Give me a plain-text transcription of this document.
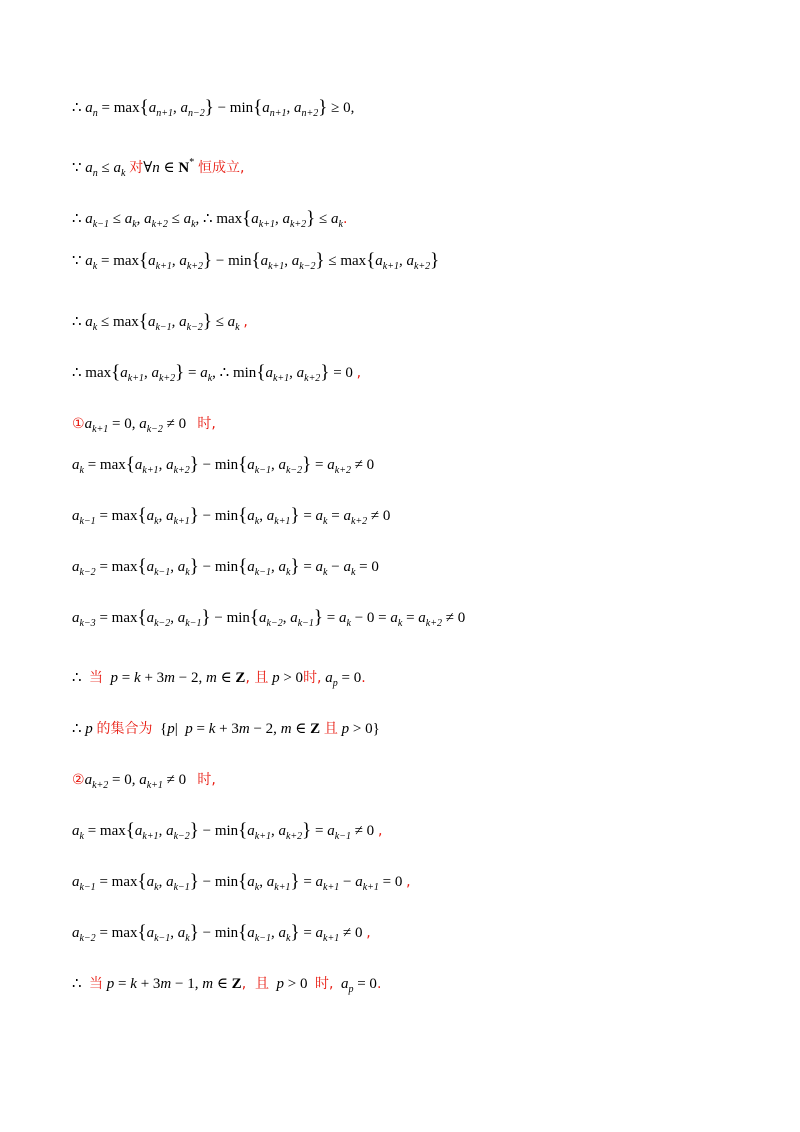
∴ $a_n = \max\{a_{n+1}$, $a_{n-2}\} - \min\{a_{n+1}$, $a_{n+2}\} \ge 0$,
∵ $a_n \le a_k$ 对∀n ∈ N* 恒成立,
∴ $a_{k-1} \le a_k$, $a_{k+2} \le a_k$, ∴ $\max\{a_{k+1}$, $a_{k+2}\} \le a_k$.
∵ $a_k = \max\{a_{k+1}$, $a_{k+2}\} - \min\{a_{k+1}$, $a_{k-2}\} \le \max\{a_{k+1}$, $a_{k+2}$}
∴ $a_k \le \max\{a_{k-1}$, $a_{k-2}\} \le a_k$ ,
∴ $\max\{a_{k+1}$, $a_{k+2}\} = a_k$, ∴ $\min\{a_{k+1}$, $a_{k+2}\} = 0$ ,
$①a_{k+1} = 0$, $a_{k-2} \ne 0$   时,
$a_k = \max\{a_{k+1}$, $a_{k+2}\} - \min\{a_{k-1}$, $a_{k-2}\} = a_{k+2} \ne 0$
$a_{k-1} = \max\{a_k$, $a_{k+1}\} - \min\{a_k$, $a_{k+1}\} = a_k = a_{k+2} \ne 0$
$a_{k-2} = \max\{a_{k-1}$, $a_k\} - \min\{a_{k-1}$, $a_k\} = a_k - a_k = 0$
$a_{k-3} = \max\{a_{k-2}$, $a_{k-1}\} - \min\{a_{k-2}$, $a_{k-1}\} = a_k - 0 = a_k = a_{k+2} \ne 0$
∴  当 p = k + 3m − 2, m ∈ Z, 且 p > 0时, $a_p = 0$.
∴ p 的集合为  {p|  p = k + 3m − 2, m ∈ Z 且 p > 0}
$②a_{k+2} = 0$, $a_{k+1} \ne 0$   时,
$a_k = \max\{a_{k+1}$, $a_{k-2}\} - \min\{a_{k+1}$, $a_{k+2}\} = a_{k-1} \ne 0$ ,
$a_{k-1} = \max\{a_k$, $a_{k-1}\} - \min\{a_k$, $a_{k+1}\} = a_{k+1} - a_{k+1} = 0$ ,
$a_{k-2} = \max\{a_{k-1}$, $a_k\} - \min\{a_{k-1}$, $a_k\} = a_{k+1} \ne 0$ ,
∴  当 p = k + 3m − 1, m ∈ Z,  且 p > 0  时, $a_p = 0$.
